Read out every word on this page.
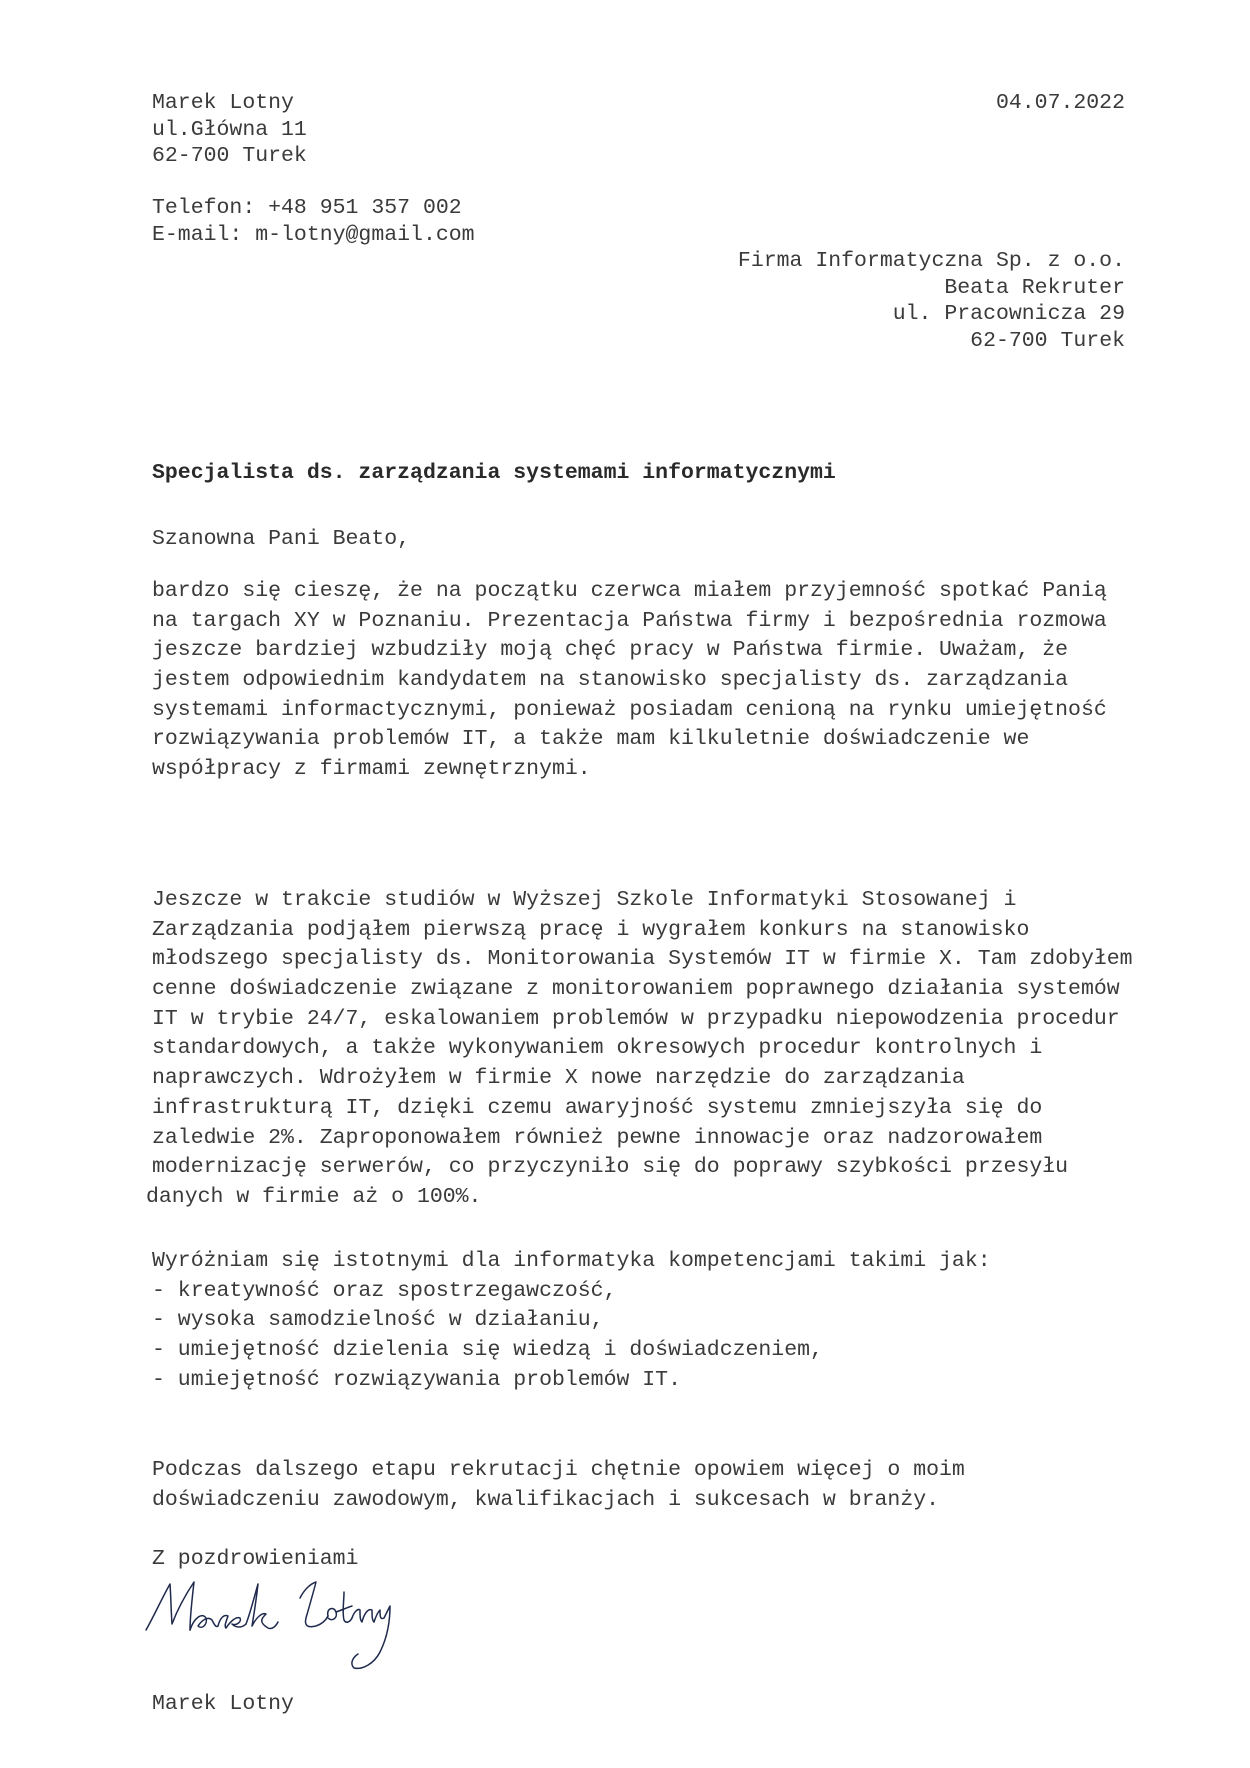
Marek Lotny
ul.Główna 11
62-700 Turek
Telefon: +48 951 357 002
E-mail: m-lotny@gmail.com
04.07.2022
Firma Informatyczna Sp. z o.o.
Beata Rekruter
ul. Pracownicza 29
62-700 Turek
Specjalista ds. zarządzania systemami informatycznymi
Szanowna Pani Beato,
bardzo się cieszę, że na początku czerwca miałem przyjemność spotkać Panią
na targach XY w Poznaniu. Prezentacja Państwa firmy i bezpośrednia rozmowa
jeszcze bardziej wzbudziły moją chęć pracy w Państwa firmie. Uważam, że
jestem odpowiednim kandydatem na stanowisko specjalisty ds. zarządzania
systemami informactycznymi, ponieważ posiadam cenioną na rynku umiejętność
rozwiązywania problemów IT, a także mam kilkuletnie doświadczenie we
współpracy z firmami zewnętrznymi.
Jeszcze w trakcie studiów w Wyższej Szkole Informatyki Stosowanej i
Zarządzania podjąłem pierwszą pracę i wygrałem konkurs na stanowisko
młodszego specjalisty ds. Monitorowania Systemów IT w firmie X. Tam zdobyłem
cenne doświadczenie związane z monitorowaniem poprawnego działania systemów
IT w trybie 24/7, eskalowaniem problemów w przypadku niepowodzenia procedur
standardowych, a także wykonywaniem okresowych procedur kontrolnych i
naprawczych. Wdrożyłem w firmie X nowe narzędzie do zarządzania
infrastrukturą IT, dzięki czemu awaryjność systemu zmniejszyła się do
zaledwie 2%. Zaproponowałem również pewne innowacje oraz nadzorowałem
modernizację serwerów, co przyczyniło się do poprawy szybkości przesyłu
danych w firmie aż o 100%.
Wyróżniam się istotnymi dla informatyka kompetencjami takimi jak:
- kreatywność oraz spostrzegawczość,
- wysoka samodzielność w działaniu,
- umiejętność dzielenia się wiedzą i doświadczeniem,
- umiejętność rozwiązywania problemów IT.
Podczas dalszego etapu rekrutacji chętnie opowiem więcej o moim
doświadczeniu zawodowym, kwalifikacjach i sukcesach w branży.
Z pozdrowieniami
Marek Lotny
